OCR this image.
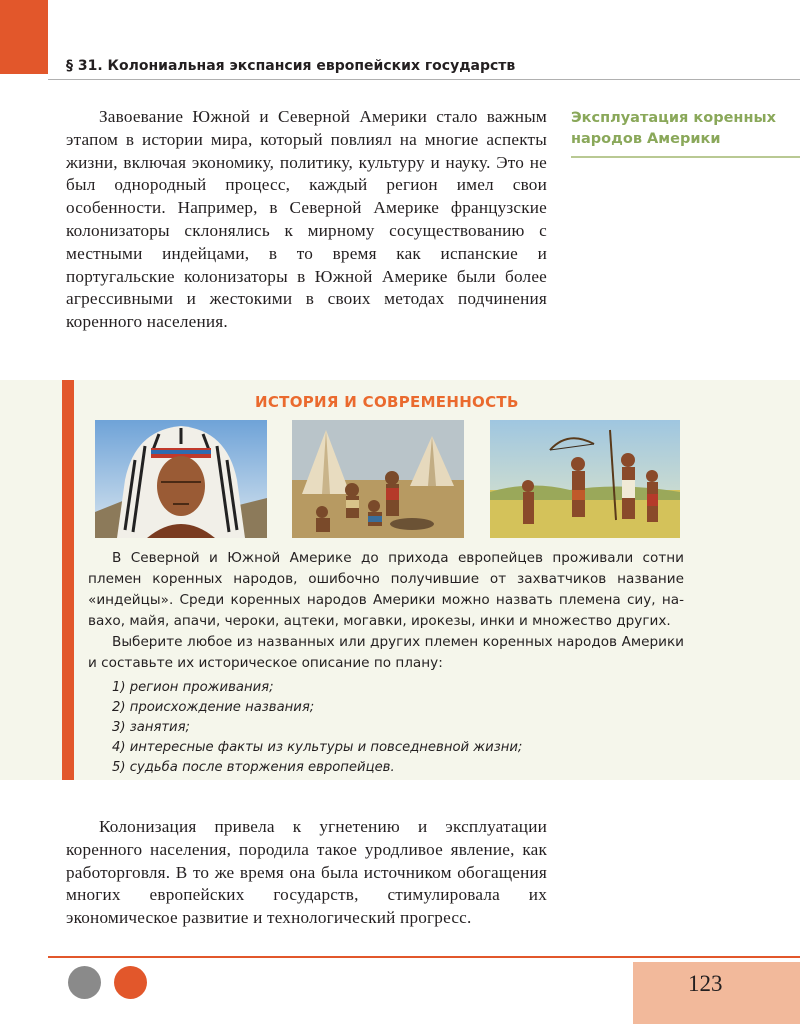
§ 31. Колониальная экспансия европейских государств

Завоевание Южной и Северной Америки стало важным этапом в истории мира, который повлиял на многие аспекты жизни, включая экономику, политику, культуру и науку. Это не был однородный процесс, каждый регион имел свои особенности. Например, в Северной Америке французские колонизаторы склонялись к мирному сосуществованию с местными индейцами, в то время как испанские и португальские колонизаторы в Южной Америке были более агрессивными и жестокими в своих методах подчинения коренного населения.

Эксплуатация коренных народов Америки
ИСТОРИЯ И СОВРЕМЕННОСТЬ

В Северной и Южной Америке до прихода европейцев проживали сотни племен коренных народов, ошибочно получившие от захватчиков название «индейцы». Среди коренных народов Америки можно назвать племена сиу, навахо, майя, апачи, чероки, ацтеки, могавки, ирокезы, инки и множество других.

Выберите любое из названных или других племен коренных народов Америки и составьте их историческое описание по плану:

1) регион проживания;
2) происхождение названия;
3) занятия;
4) интересные факты из культуры и повседневной жизни;
5) судьба после вторжения европейцев.

Колонизация привела к угнетению и эксплуатации коренного населения, породила такое уродливое явление, как работорговля. В то же время она была источником обогащения многих европейских государств, стимулировала их экономическое развитие и технологический прогресс.

123
